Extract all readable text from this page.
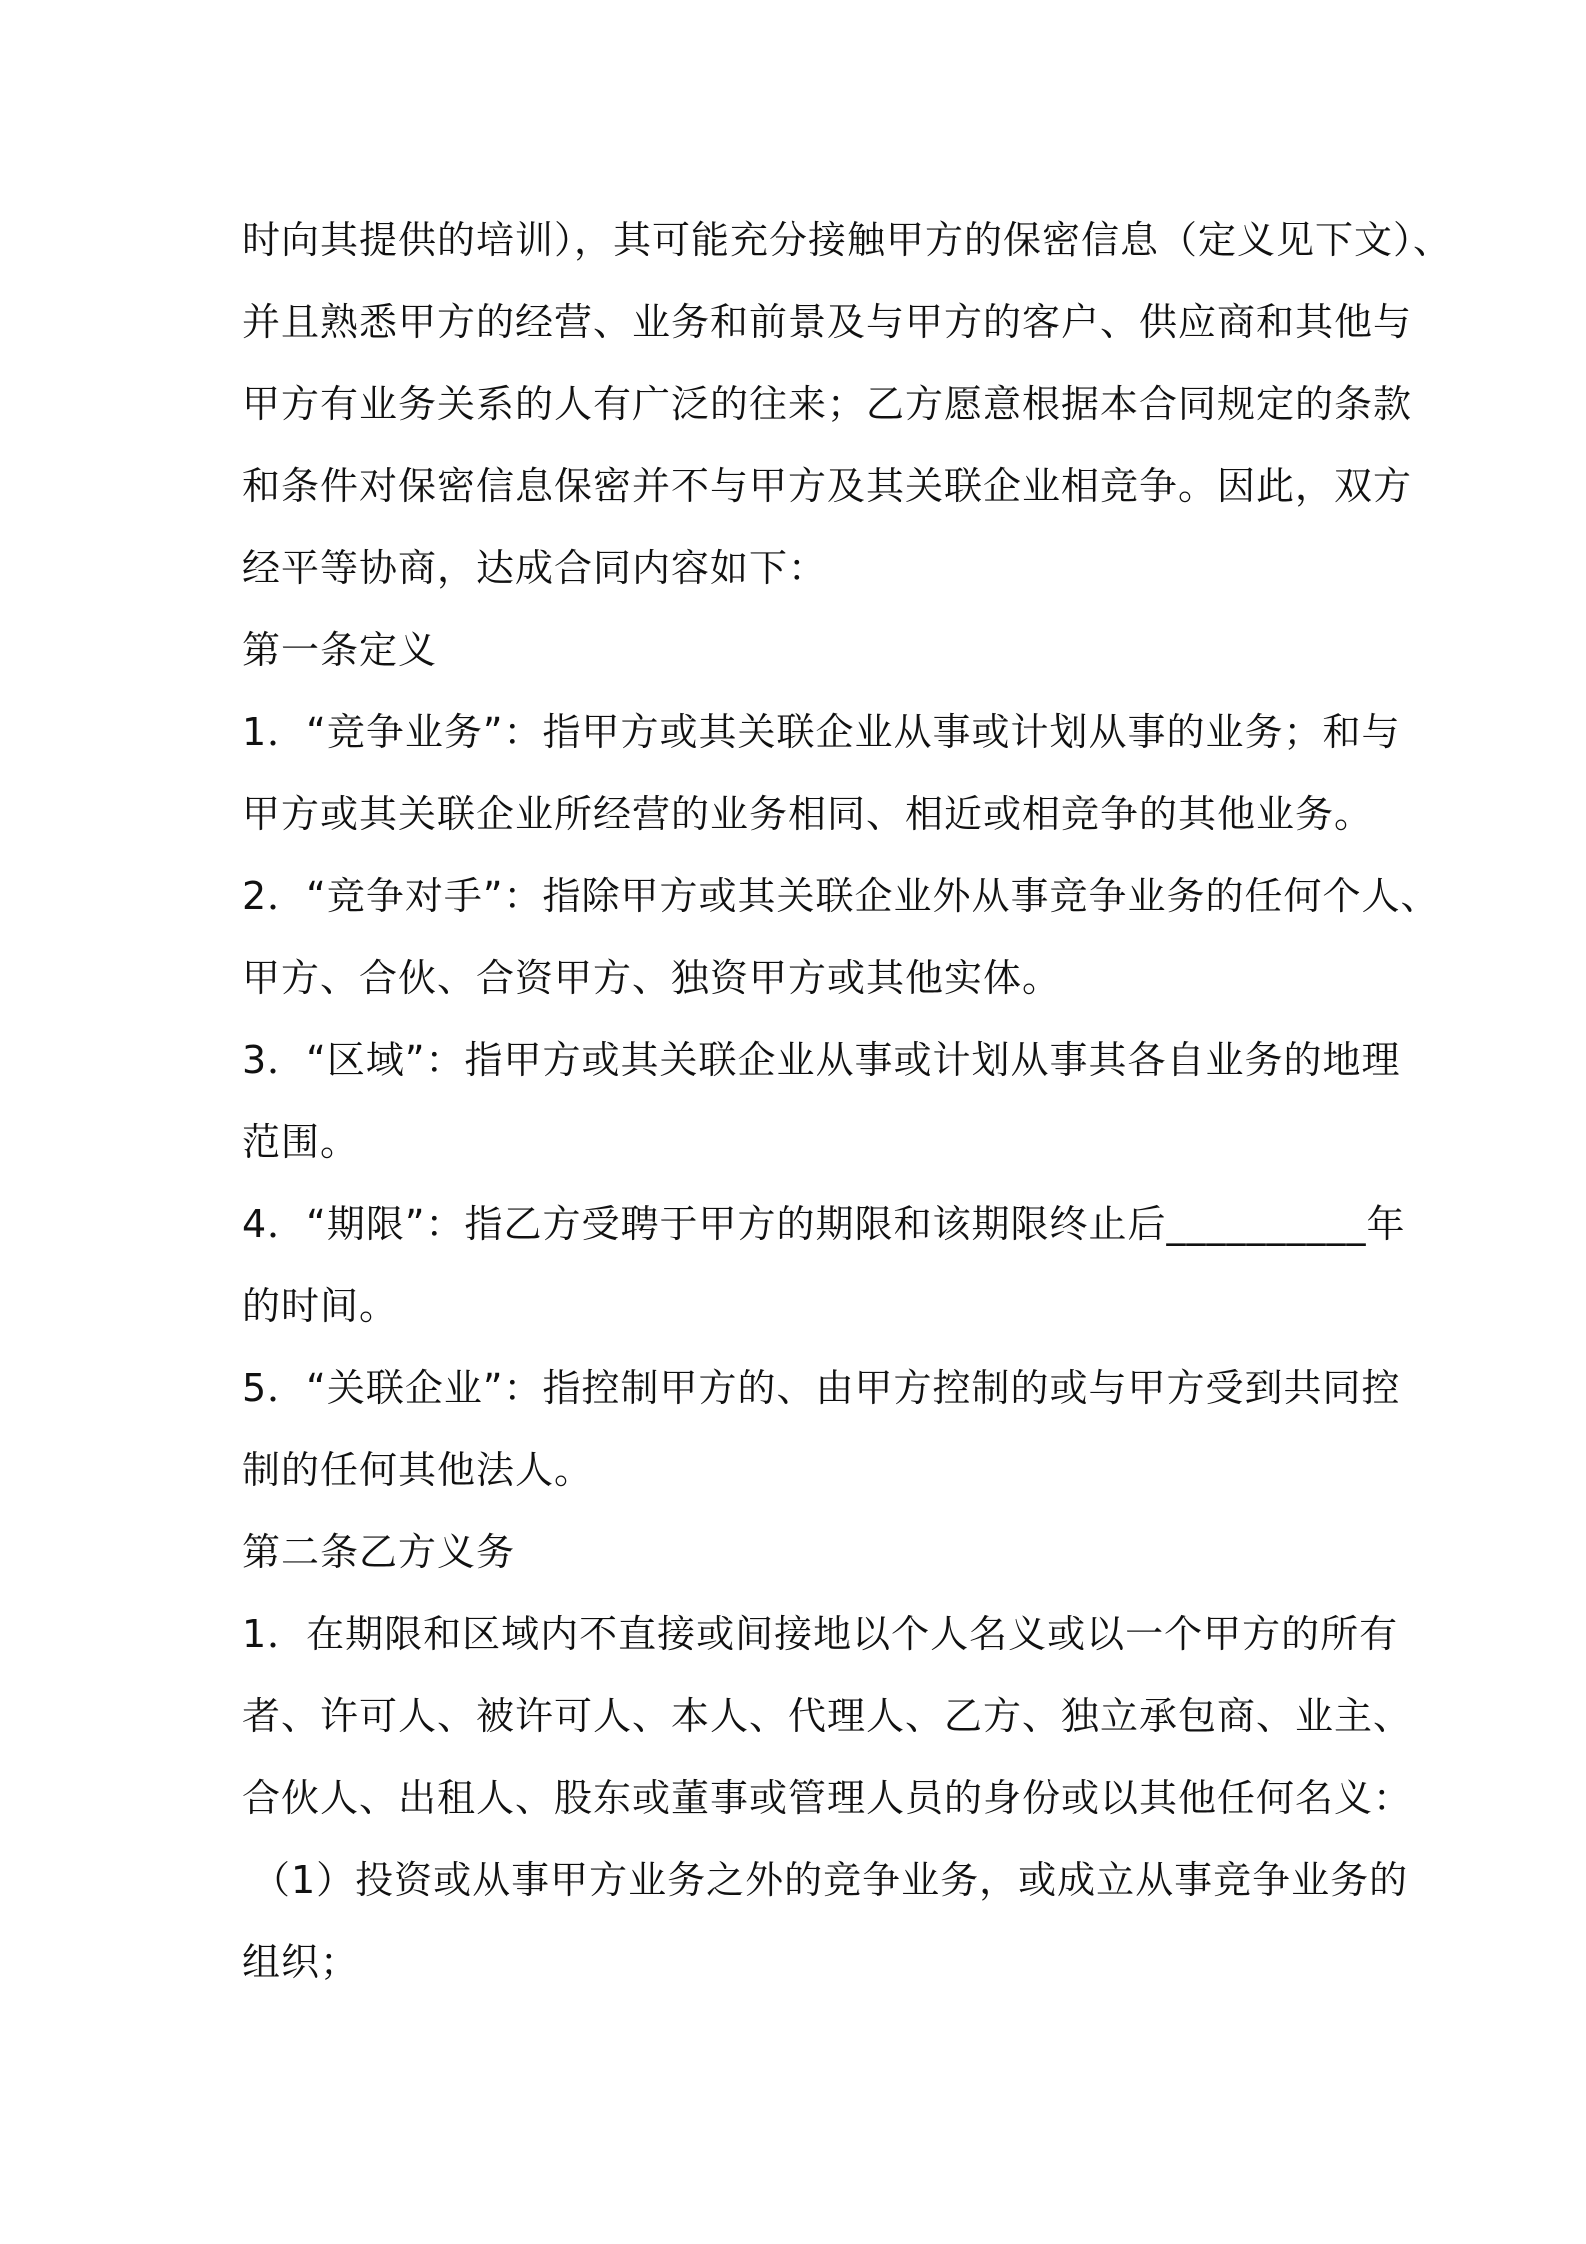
时向其提供的培训），其可能充分接触甲方的保密信息（定义见下文）、
并且熟悉甲方的经营、业务和前景及与甲方的客户、供应商和其他与
甲方有业务关系的人有广泛的往来；乙方愿意根据本合同规定的条款
和条件对保密信息保密并不与甲方及其关联企业相竞争。因此，双方
经平等协商，达成合同内容如下：
第一条定义
1．“竞争业务”：指甲方或其关联企业从事或计划从事的业务；和与
甲方或其关联企业所经营的业务相同、相近或相竞争的其他业务。
2．“竞争对手”：指除甲方或其关联企业外从事竞争业务的任何个人、
甲方、合伙、合资甲方、独资甲方或其他实体。
3．“区域”：指甲方或其关联企业从事或计划从事其各自业务的地理
范围。
4．“期限”：指乙方受聘于甲方的期限和该期限终止后__________年
的时间。
5．“关联企业”：指控制甲方的、由甲方控制的或与甲方受到共同控
制的任何其他法人。
第二条乙方义务
1．在期限和区域内不直接或间接地以个人名义或以一个甲方的所有
者、许可人、被许可人、本人、代理人、乙方、独立承包商、业主、
合伙人、出租人、股东或董事或管理人员的身份或以其他任何名义：
（1）投资或从事甲方业务之外的竞争业务，或成立从事竞争业务的
组织；
